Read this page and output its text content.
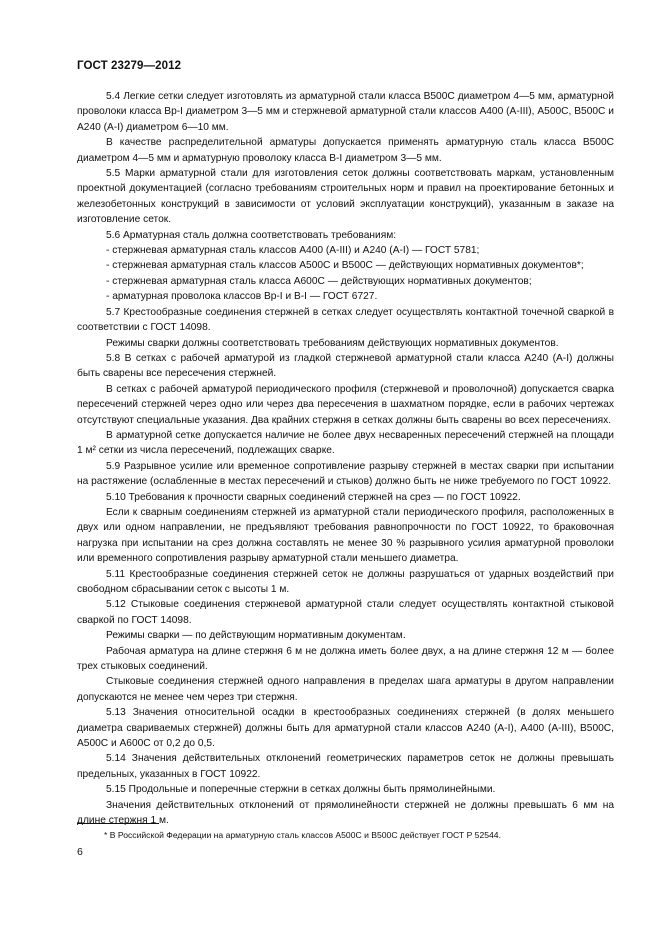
ГОСТ 23279—2012

5.4 Легкие сетки следует изготовлять из арматурной стали класса В500С диаметром 4—5 мм, арматурной проволоки класса Вр-I диаметром 3—5 мм и стержневой арматурной стали классов А400 (А-III), А500С, В500С и А240 (А-I) диаметром 6—10 мм.

В качестве распределительной арматуры допускается применять арматурную сталь класса В500С диаметром 4—5 мм и арматурную проволоку класса В-I диаметром 3—5 мм.

5.5 Марки арматурной стали для изготовления сеток должны соответствовать маркам, установленным проектной документацией (согласно требованиям строительных норм и правил на проектирование бетонных и железобетонных конструкций в зависимости от условий эксплуатации конструкций), указанным в заказе на изготовление сеток.

5.6 Арматурная сталь должна соответствовать требованиям:

- стержневая арматурная сталь классов А400 (А-III) и А240 (А-I) — ГОСТ 5781;

- стержневая арматурная сталь классов А500С и В500С — действующих нормативных документов*;

- стержневая арматурная сталь класса А600С — действующих нормативных документов;

- арматурная проволока классов Вр-I и В-I — ГОСТ 6727.

5.7 Крестообразные соединения стержней в сетках следует осуществлять контактной точечной сваркой в соответствии с ГОСТ 14098.

Режимы сварки должны соответствовать требованиям действующих нормативных документов.

5.8 В сетках с рабочей арматурой из гладкой стержневой арматурной стали класса А240 (А-I) должны быть сварены все пересечения стержней.

В сетках с рабочей арматурой периодического профиля (стержневой и проволочной) допускается сварка пересечений стержней через одно или через два пересечения в шахматном порядке, если в рабочих чертежах отсутствуют специальные указания. Два крайних стержня в сетках должны быть сварены во всех пересечениях.

В арматурной сетке допускается наличие не более двух несваренных пересечений стержней на площади 1 м² сетки из числа пересечений, подлежащих сварке.

5.9 Разрывное усилие или временное сопротивление разрыву стержней в местах сварки при испытании на растяжение (ослабленные в местах пересечений и стыков) должно быть не ниже требуемого по ГОСТ 10922.

5.10 Требования к прочности сварных соединений стержней на срез — по ГОСТ 10922.

Если к сварным соединениям стержней из арматурной стали периодического профиля, расположенных в двух или одном направлении, не предъявляют требования равнопрочности по ГОСТ 10922, то браковочная нагрузка при испытании на срез должна составлять не менее 30 % разрывного усилия арматурной проволоки или временного сопротивления разрыву арматурной стали меньшего диаметра.

5.11 Крестообразные соединения стержней сеток не должны разрушаться от ударных воздействий при свободном сбрасывании сеток с высоты 1 м.

5.12 Стыковые соединения стержневой арматурной стали следует осуществлять контактной стыковой сваркой по ГОСТ 14098.

Режимы сварки — по действующим нормативным документам.

Рабочая арматура на длине стержня 6 м не должна иметь более двух, а на длине стержня 12 м — более трех стыковых соединений.

Стыковые соединения стержней одного направления в пределах шага арматуры в другом направлении допускаются не менее чем через три стержня.

5.13 Значения относительной осадки в крестообразных соединениях стержней (в долях меньшего диаметра свариваемых стержней) должны быть для арматурной стали классов А240 (А-I), А400 (А-III), В500С, А500С и А600С от 0,2 до 0,5.

5.14 Значения действительных отклонений геометрических параметров сеток не должны превышать предельных, указанных в ГОСТ 10922.

5.15 Продольные и поперечные стержни в сетках должны быть прямолинейными.

Значения действительных отклонений от прямолинейности стержней не должны превышать 6 мм на длине стержня 1 м.

* В Российской Федерации на арматурную сталь классов А500С и В500С действует ГОСТ Р 52544.
6
